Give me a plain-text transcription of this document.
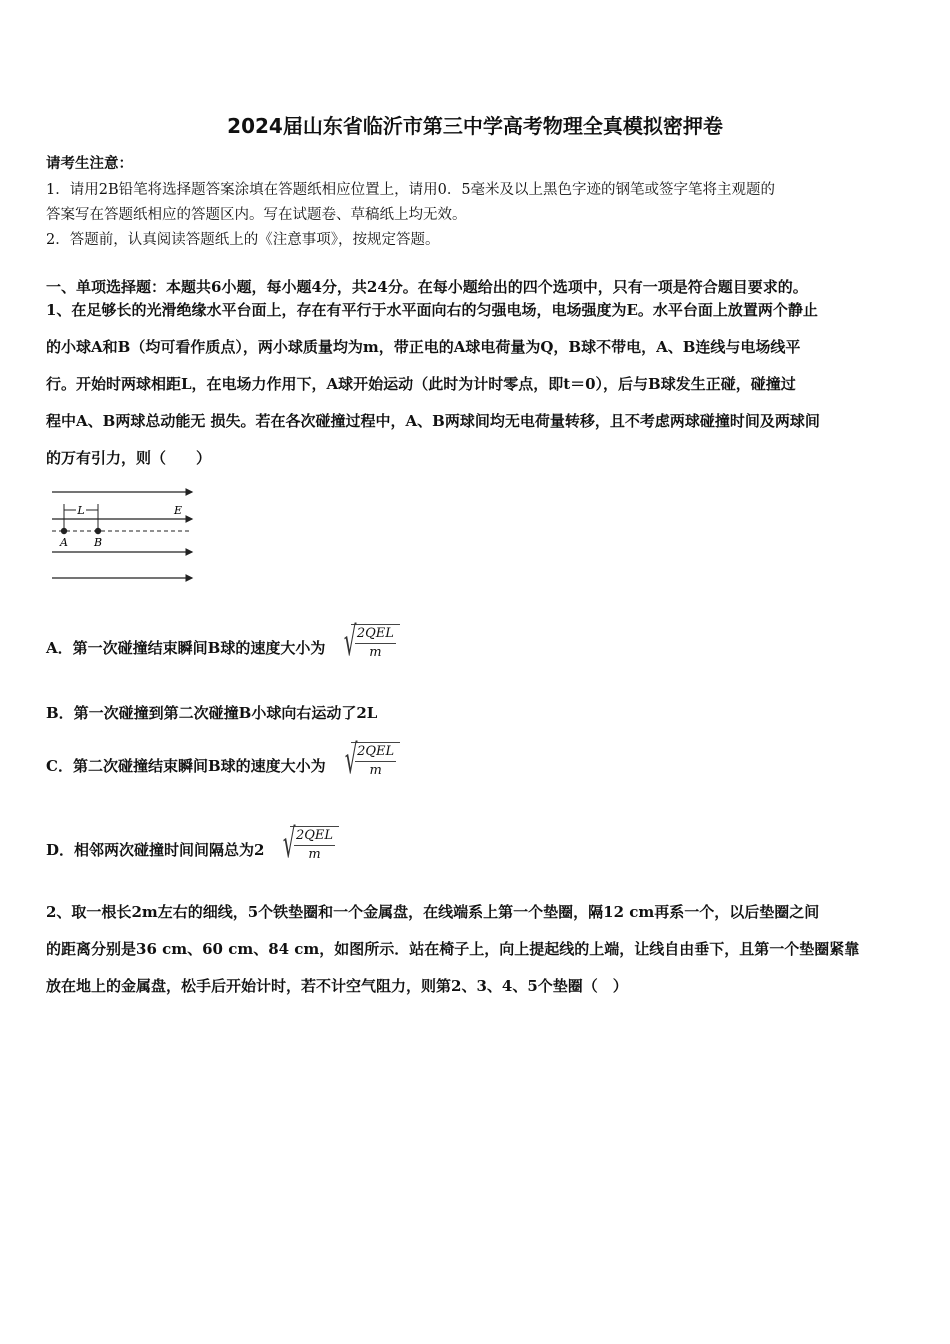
2024届山东省临沂市第三中学高考物理全真模拟密押卷
请考生注意：
1．请用2B铅笔将选择题答案涂填在答题纸相应位置上，请用0．5毫米及以上黑色字迹的钢笔或签字笔将主观题的
答案写在答题纸相应的答题区内。写在试题卷、草稿纸上均无效。
2．答题前，认真阅读答题纸上的《注意事项》，按规定答题。
一、单项选择题：本题共6小题，每小题4分，共24分。在每小题给出的四个选项中，只有一项是符合题目要求的。
1、在足够长的光滑绝缘水平台面上，存在有平行于水平面向右的匀强电场，电场强度为E。水平台面上放置两个静止
的小球A和B（均可看作质点），两小球质量均为m，带正电的A球电荷量为Q，B球不带电，A、B连线与电场线平
行。开始时两球相距L，在电场力作用下，A球开始运动（此时为计时零点，即t＝0），后与B球发生正碰，碰撞过
程中A、B两球总动能无 损失。若在各次碰撞过程中，A、B两球间均无电荷量转移，且不考虑两球碰撞时间及两球间
的万有引力，则（　　）
L	E
A B
A．第一次碰撞结束瞬间B球的速度大小为 √
$\frac{\text{2QEL}}{m}$
B．第一次碰撞到第二次碰撞B小球向右运动了2L
C．第二次碰撞结束瞬间B球的速度大小为 √
$\frac{\text{2QEL}}{m}$
D．相邻两次碰撞时间间隔总为2 √
$\frac{\text{2QEL}}{m}$
2、取一根长2m左右的细线，5个铁垫圈和一个金属盘，在线端系上第一个垫圈，隔12 cm再系一个，以后垫圈之间
的距离分别是36 cm、60 cm、84 cm，如图所示．站在椅子上，向上提起线的上端，让线自由垂下，且第一个垫圈紧靠
放在地上的金属盘，松手后开始计时，若不计空气阻力，则第2、3、4、5个垫圈（　）
